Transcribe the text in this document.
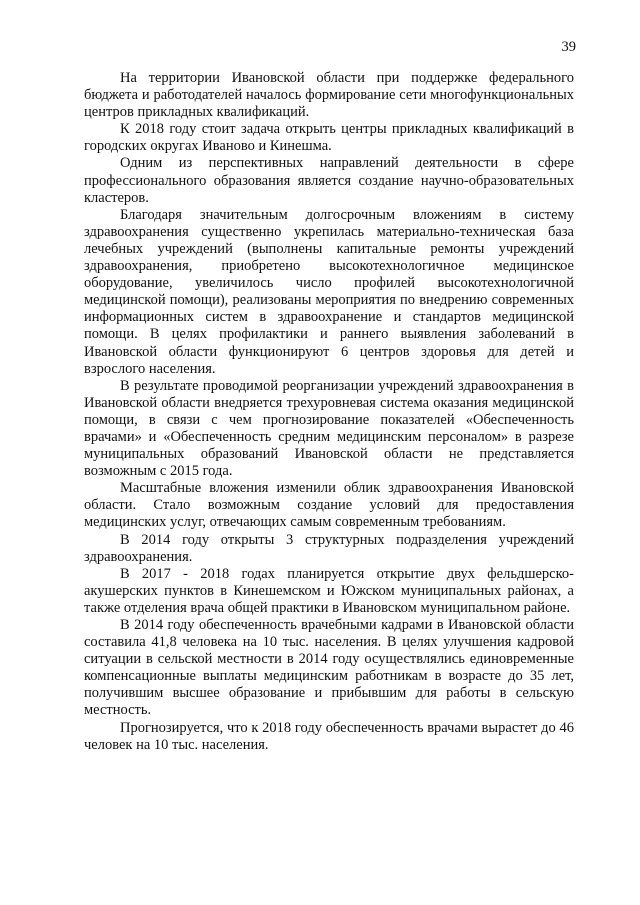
39

На территории Ивановской области при поддержке федерального бюджета и работодателей началось формирование сети многофункциональных центров прикладных квалификаций.

К 2018 году стоит задача открыть центры прикладных квалификаций в городских округах Иваново и Кинешма.

Одним из перспективных направлений деятельности в сфере профессионального образования является создание научно-образовательных кластеров.

Благодаря значительным долгосрочным вложениям в систему здравоохранения существенно укрепилась материально-техническая база лечебных учреждений (выполнены капитальные ремонты учреждений здравоохранения, приобретено высокотехнологичное медицинское оборудование, увеличилось число профилей высокотехнологичной медицинской помощи), реализованы мероприятия по внедрению современных информационных систем в здравоохранение и стандартов медицинской помощи. В целях профилактики и раннего выявления заболеваний в Ивановской области функционируют 6 центров здоровья для детей и взрослого населения.

В результате проводимой реорганизации учреждений здравоохранения в Ивановской области внедряется трехуровневая система оказания медицинской помощи, в связи с чем прогнозирование показателей «Обеспеченность врачами» и «Обеспеченность средним медицинским персоналом» в разрезе муниципальных образований Ивановской области не представляется возможным с 2015 года.

Масштабные вложения изменили облик здравоохранения Ивановской области. Стало возможным создание условий для предоставления медицинских услуг, отвечающих самым современным требованиям.

В 2014 году открыты 3 структурных подразделения учреждений здравоохранения.

В 2017 - 2018 годах планируется открытие двух фельдшерско-акушерских пунктов в Кинешемском и Южском муниципальных районах, а также отделения врача общей практики в Ивановском муниципальном районе.

В 2014 году обеспеченность врачебными кадрами в Ивановской области составила 41,8 человека на 10 тыс. населения. В целях улучшения кадровой ситуации в сельской местности в 2014 году осуществлялись единовременные компенсационные выплаты медицинским работникам в возрасте до 35 лет, получившим высшее образование и прибывшим для работы в сельскую местность.

Прогнозируется, что к 2018 году обеспеченность врачами вырастет до 46 человек на 10 тыс. населения.
